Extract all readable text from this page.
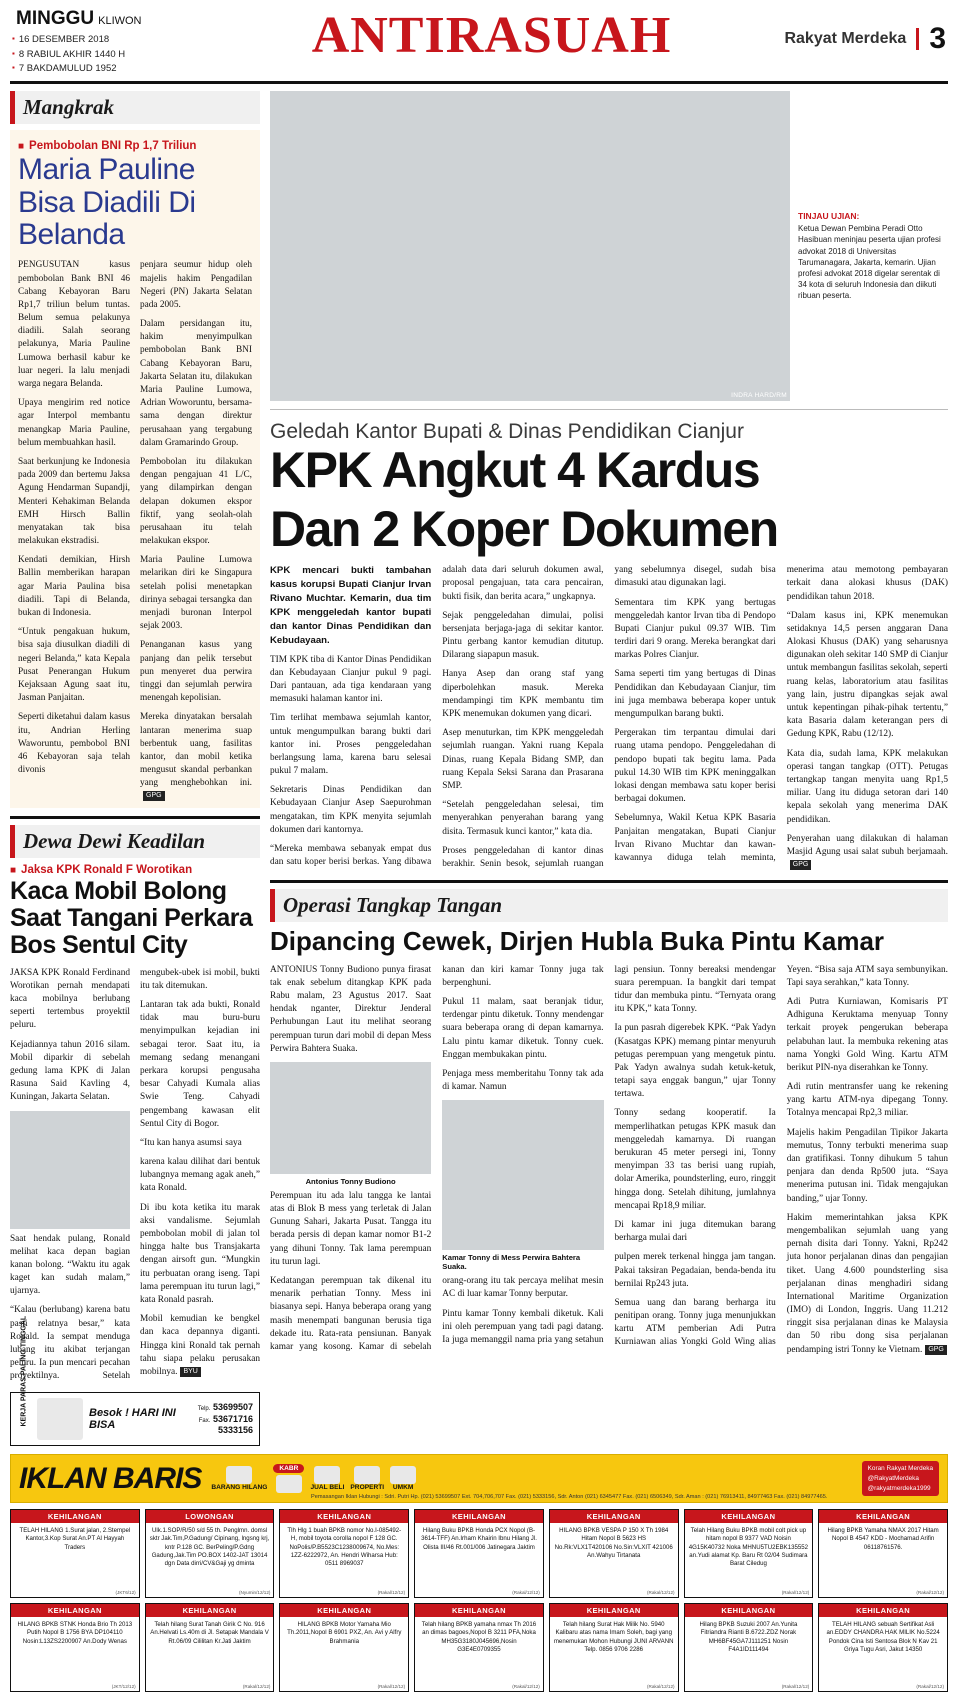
MINGGU KLIWON
▪ 16 DESEMBER 2018
▪ 8 RABIUL AKHIR 1440 H
▪ 7 BAKDAMULUD 1952
ANTIRASUAH	Rakyat Merdeka 3
Mangkrak
■ Pembobolan BNI Rp 1,7 Triliun
Maria Pauline Bisa Diadili Di Belanda

PENGUSUTAN kasus pembobolan Bank BNI 46 Cabang Kebayoran Baru Rp1,7 triliun belum tuntas. Belum semua pelakunya diadili. Salah seorang pelakunya, Maria Pauline Lumowa berhasil kabur ke luar negeri. Ia lalu menjadi warga negara Belanda.

Upaya mengirim red notice agar Interpol membantu menangkap Maria Pauline, belum membuahkan hasil.

Saat berkunjung ke Indonesia pada 2009 dan bertemu Jaksa Agung Hendarman Supandji, Menteri Kehakiman Belanda EMH Hirsch Ballin menyatakan tak bisa melakukan ekstradisi.

Kendati demikian, Hirsh Ballin memberikan harapan agar Maria Paulina bisa diadili. Tapi di Belanda, bukan di Indonesia.

“Untuk pengakuan hukum, bisa saja diusulkan diadili di negeri Belanda,” kata Kepala Pusat Penerangan Hukum Kejaksaan Agung saat itu, Jasman Panjaitan.

Seperti diketahui dalam kasus itu, Andrian Herling Waworuntu, pembobol BNI 46 Kebayoran saja telah divonis

penjara seumur hidup oleh majelis hakim Pengadilan Negeri (PN) Jakarta Selatan pada 2005.

Dalam persidangan itu, hakim menyimpulkan pembobolan Bank BNI Cabang Kebayoran Baru, Jakarta Selatan itu, dilakukan Maria Pauline Lumowa, Adrian Woworuntu, bersama-sama dengan direktur perusahaan yang tergabung dalam Gramarindo Group.

Pembobolan itu dilakukan dengan pengajuan 41 L/C, yang dilampirkan dengan delapan dokumen ekspor fiktif, yang seolah-olah perusahaan itu telah melakukan ekspor.

Maria Pauline Lumowa melarikan diri ke Singapura setelah polisi menetapkan dirinya sebagai tersangka dan menjadi buronan Interpol sejak 2003.

Penanganan kasus yang panjang dan pelik tersebut pun menyeret dua perwira tinggi dan sejumlah perwira menengah kepolisian.

Mereka dinyatakan bersalah lantaran menerima suap berbentuk uang, fasilitas kantor, dan mobil ketika mengusut skandal perbankan yang menghebohkan ini.GPG

Dewa Dewi Keadilan
■ Jaksa KPK Ronald F Worotikan
Kaca Mobil Bolong Saat Tangani Perkara Bos Sentul City

JAKSA KPK Ronald Ferdinand Worotikan pernah mendapati kaca mobilnya berlubang seperti tertembus proyektil peluru.

Kejadiannya tahun 2016 silam. Mobil diparkir di sebelah gedung lama KPK di Jalan Rasuna Said Kavling 4, Kuningan, Jakarta Selatan.

Saat hendak pulang, Ronald melihat kaca depan bagian kanan bolong. “Waktu itu agak kaget kan sudah malam,” ujarnya.

“Kalau (berlubang) karena batu pasti relatnya besar,” kata Ronald. Ia sempat menduga lubang itu akibat terjangan peluru. Ia pun mencari pecahan proyektilnya. Setelah mengubek-ubek isi mobil, bukti itu tak ditemukan.

Lantaran tak ada bukti, Ronald tidak mau buru-buru menyimpulkan kejadian ini sebagai teror. Saat itu, ia memang sedang menangani perkara korupsi pengusaha besar Cahyadi Kumala alias Swie Teng. Cahyadi pengembang kawasan elit Sentul City di Bogor.

“Itu kan hanya asumsi saya

karena kalau dilihat dari bentuk lubangnya memang agak aneh,” kata Ronald.

Di ibu kota ketika itu marak aksi vandalisme. Sejumlah pembobolan mobil di jalan tol hingga halte bus Transjakarta dengan airsoft gun. “Mungkin itu perbuatan orang iseng. Tapi lama perempuan itu turun lagi,” kata Ronald pasrah.

Mobil kemudian ke bengkel dan kaca depannya diganti. Hingga kini Ronald tak pernah tahu siapa pelaku perusakan mobilnya. BYU

KERJA PARAS PALING TINGGAL	Besok ! HARI INI BISA
Telp. 53699507
Fax. 53671716
5333156
INDRA HARD/RM
TINJAU UJIAN:
Ketua Dewan Pembina Peradi Otto Hasibuan meninjau peserta ujian profesi advokat 2018 di Universitas Tarumanagara, Jakarta, kemarin. Ujian profesi advokat 2018 digelar serentak di 34 kota di seluruh Indonesia dan diikuti ribuan peserta.
Geledah Kantor Bupati & Dinas Pendidikan Cianjur
KPK Angkut 4 Kardus
Dan 2 Koper Dokumen

KPK mencari bukti tambahan kasus korupsi Bupati Cianjur Irvan Rivano Muchtar. Kemarin, dua tim KPK menggeledah kantor bupati dan kantor Dinas Pendidikan dan Kebudayaan.

TIM KPK tiba di Kantor Dinas Pendidikan dan Kebudayaan Cianjur pukul 9 pagi. Dari pantauan, ada tiga kendaraan yang memasuki halaman kantor ini.

Tim terlihat membawa sejumlah kantor, untuk mengumpulkan barang bukti dari kantor ini. Proses penggeledahan berlangsung lama, karena baru selesai pukul 7 malam.

Sekretaris Dinas Pendidikan dan Kebudayaan Cianjur Asep Saepurohman mengatakan, tim KPK menyita sejumlah dokumen dari kantornya.

“Mereka membawa sebanyak empat dus dan satu koper berisi berkas. Yang dibawa adalah data dari seluruh dokumen awal, proposal pengajuan, tata cara pencairan, bukti fisik, dan berita acara,” ungkapnya.

Sejak penggeledahan dimulai, polisi bersenjata berjaga-jaga di sekitar kantor. Pintu gerbang kantor kemudian ditutup. Dilarang siapapun masuk.

Hanya Asep dan orang staf yang diperbolehkan masuk. Mereka mendampingi tim KPK membantu tim KPK menemukan dokumen yang dicari.

Asep menuturkan, tim KPK menggeledah sejumlah ruangan. Yakni ruang Kepala Dinas, ruang Kepala Bidang SMP, dan ruang Kepala Seksi Sarana dan Prasarana SMP.

“Setelah penggeledahan selesai, tim menyerahkan penyerahan barang yang disita. Termasuk kunci kantor,” kata dia.

Proses penggeledahan di kantor dinas berakhir. Senin besok, sejumlah ruangan yang sebelumnya disegel, sudah bisa dimasuki atau digunakan lagi.

Sementara tim KPK yang bertugas menggeledah kantor Irvan tiba di Pendopo Bupati Cianjur pukul 09.37 WIB. Tim terdiri dari 9 orang. Mereka berangkat dari markas Polres Cianjur.

Sama seperti tim yang bertugas di Dinas Pendidikan dan Kebudayaan Cianjur, tim ini juga membawa beberapa koper untuk mengumpulkan barang bukti.

Pergerakan tim terpantau dimulai dari ruang utama pendopo. Penggeledahan di pendopo bupati tak begitu lama. Pada pukul 14.30 WIB tim KPK meninggalkan lokasi dengan membawa satu koper berisi berbagai dokumen.

Sebelumnya, Wakil Ketua KPK Basaria Panjaitan mengatakan, Bupati Cianjur Irvan Rivano Muchtar dan kawan-kawannya diduga telah meminta, menerima atau memotong pembayaran terkait dana alokasi khusus (DAK) pendidikan tahun 2018.

“Dalam kasus ini, KPK menemukan setidaknya 14,5 persen anggaran Dana Alokasi Khusus (DAK) yang seharusnya digunakan oleh sekitar 140 SMP di Cianjur untuk membangun fasilitas sekolah, seperti ruang kelas, laboratorium atau fasilitas yang lain, justru dipangkas sejak awal untuk kepentingan pihak-pihak tertentu,” kata Basaria dalam keterangan pers di Gedung KPK, Rabu (12/12).

Kata dia, sudah lama, KPK melakukan operasi tangan tangkap (OTT). Petugas tertangkap tangan menyita uang Rp1,5 miliar. Uang itu diduga setoran dari 140 kepala sekolah yang menerima DAK pendidikan.

Penyerahan uang dilakukan di halaman Masjid Agung usai salat subuh berjamaah.GPG

Operasi Tangkap Tangan
Dipancing Cewek, Dirjen Hubla Buka Pintu Kamar

ANTONIUS Tonny Budiono punya firasat tak enak sebelum ditangkap KPK pada Rabu malam, 23 Agustus 2017. Saat hendak nganter, Direktur Jenderal Perhubungan Laut itu melihat seorang perempuan turun dari mobil di depan Mess Perwira Bahtera Suaka.

Antonius Tonny Budiono

Perempuan itu ada lalu tangga ke lantai atas di Blok B mess yang terletak di Jalan Gunung Sahari, Jakarta Pusat. Tangga itu berada persis di depan kamar nomor B1-2 yang dihuni Tonny. Tak lama perempuan itu turun lagi.

Kedatangan perempuan tak dikenal itu menarik perhatian Tonny. Mess ini biasanya sepi. Hanya beberapa orang yang masih menempati bangunan berusia tiga dekade itu. Rata-rata pensiunan. Banyak kamar yang kosong. Kamar di sebelah kanan dan kiri kamar Tonny juga tak berpenghuni.

Pukul 11 malam, saat beranjak tidur, terdengar pintu diketuk. Tonny mendengar suara beberapa orang di depan kamarnya. Lalu pintu kamar diketuk. Tonny cuek. Enggan membukakan pintu.

Penjaga mess memberitahu Tonny tak ada di kamar. Namun

Kamar Tonny di Mess Perwira Bahtera Suaka.

orang-orang itu tak percaya melihat mesin AC di luar kamar Tonny berputar.

Pintu kamar Tonny kembali diketuk. Kali ini oleh perempuan yang tadi pagi datang. Ia juga memanggil nama pria yang setahun lagi pensiun. Tonny bereaksi mendengar suara perempuan. Ia bangkit dari tempat tidur dan membuka pintu. “Ternyata orang itu KPK,” kata Tonny.

Ia pun pasrah digerebek KPK. “Pak Yadyn (Kasatgas KPK) memang pintar menyuruh petugas perempuan yang mengetuk pintu. Pak Yadyn awalnya sudah ketuk-ketuk, tetapi saya enggak bangun,” ujar Tonny tertawa.

Tonny sedang kooperatif. Ia memperlihatkan petugas KPK masuk dan menggeledah kamarnya. Di ruangan berukuran 45 meter persegi ini, Tonny menyimpan 33 tas berisi uang rupiah, dolar Amerika, poundsterling, euro, ringgit hingga dong. Setelah dihitung, jumlahnya mencapai Rp18,9 miliar.

Di kamar ini juga ditemukan barang berharga mulai dari

pulpen merek terkenal hingga jam tangan. Pakai taksiran Pegadaian, benda-benda itu bernilai Rp243 juta.

Semua uang dan barang berharga itu penitipan orang. Tonny juga menunjukkan kartu ATM pemberian Adi Putra Kurniawan alias Yongki Gold Wing alias Yeyen. “Bisa saja ATM saya sembunyikan. Tapi saya serahkan,” kata Tonny.

Adi Putra Kurniawan, Komisaris PT Adhiguna Keruktama menyuap Tonny terkait proyek pengerukan beberapa pelabuhan laut. Ia membuka rekening atas nama Yongki Gold Wing. Kartu ATM berikut PIN-nya diserahkan ke Tonny.

Adi rutin mentransfer uang ke rekening yang kartu ATM-nya dipegang Tonny. Totalnya mencapai Rp2,3 miliar.

Majelis hakim Pengadilan Tipikor Jakarta memutus, Tonny terbukti menerima suap dan gratifikasi. Tonny dihukum 5 tahun penjara dan denda Rp500 juta. “Saya menerima putusan ini. Tidak mengajukan banding,” ujar Tonny.

Hakim memerintahkan jaksa KPK mengembalikan sejumlah uang yang pernah disita dari Tonny. Yakni, Rp242 juta honor perjalanan dinas dan pengajian tiket. Uang 4.600 poundsterling sisa perjalanan dinas menghadiri sidang International Maritime Organization (IMO) di London, Inggris. Uang 11.212 ringgit sisa perjalanan dinas ke Malaysia dan 50 ribu dong sisa perjalanan pendamping istri Tonny ke Vietnam. GPG

IKLAN BARIS BARANG HILANG
KABR
JUAL BELI PROPERTI UMKM
Koran Rakyat Merdeka
@RakyatMerdeka
@rakyatmerdeka1999
Pemasangan Iklan Hubungi : Sdri. Putri Hp. (021) 53699507 Ext. 704,706,707 Fax. (021) 5333156, Sdr. Anton (021) 6345477 Fax. (021) 6506349, Sdr. Aman : (021) 76913411, 84977463 Fax. (021) 84977465.
KEHILANGAN
TELAH HILANG 1.Surat jalan, 2.Stempel Kantor,3.Kop Surat An.PT Al Hayyah Traders
(JKT6/12)
LOWONGAN
Ulk.1.SOP/R/50 s/d 55 th. Penglmn. domsl sktr Jak.Tim,P.Gadung/ Cipinang, lngsng krj, kntr P.128 GC. BerPeling/P.Gdng Gadung,Jak.Tim PO.BOX 1402-JAT 13014 dgn Data dirri/CV&Gaji yg dminta
(Nyumin/12/12)
KEHILANGAN
Tlh Hlg 1 buah BPKB nomor No.I-085492-H, mobil toyota corolla nopol F 128 GC. NoPolis/P.B5523C1238009674, No.Mes: 1ZZ-6222972, An. Hendri Wiharsa Hub: 0511 8969037
(Rakal/12/12)
KEHILANGAN
Hilang Buku BPKB Honda PCX Nopol (B-3614-TFF) An.Irham Khairin Ibnu Hilang Jl. Olista III/46 Rt.001/006 Jatinegara Jaktim
(Rakal/12/12)
KEHILANGAN
HILANG BPKB VESPA P 150 X Th 1984 Hitam Nopol B 5623 HS No.Rk:VLX1T420106 No.Sin:VLXIT 421006 An.Wahyu Tirtanata
(Rakal/12/12)
KEHILANGAN
Telah Hilang Buku BPKB mobil colt pick up hitam nopol B 9377 VAD Noisin 4G15K40732 Noka MHNU5TU2EBK135552 an.Yudi alamat Kp. Baru Rt 02/04 Sudimara Barat Ciledug
(Rakal/12/12)
KEHILANGAN
Hilang BPKB Yamaha NMAX 2017 Hitam Nopol B 4547 KDD - Mochamad Arifin 06118761576.
(Rakal/12/12)
KEHILANGAN
HILANG BPKB STNK Honda Brio Th 2013 Putih Nopol B 1756 BYA DP104110 Nosin:L13ZS2200907 An.Dody Wenas
(JKT/12/12)
KEHILANGAN
Telah hilang Surat Tanah Girik C No. 916 An.Helvati Ls.40m di Jl. Setapak Mandala V Rt.06/09 Cililitan Kr.Jati Jaktim
(Rakal/12/12)
KEHILANGAN
HILANG BPKB Motor Yamaha Mio Th.2011,Nopol B 6901 PXZ, An. Avi y Alfry Brahmania
(Rakal/12/12)
KEHILANGAN
Telah hilang BPKB yamaha nmax Th 2016 an dimas bagoes,Nopol B 3211 PFA,Noka MH35G3180J045696,Nosin G3E4E0709355
(Rakal/12/12)
KEHILANGAN
Telah hilang Surat Hak Milik No. 5940 Kalibaru atas nama Imam Soleh, bagi yang menemukan Mohon Hubungi JUNI ARVANN Telp. 0856 9706 2286
(Rakal/12/12)
KEHILANGAN
Hilang BPKB Suzuki 2007 An.Yunita Fitriandra Rianti B.6722.ZDZ Norak MH6BF45GA7J111251 Nosin F4A1ID111494
(Rakal/12/12)
KEHILANGAN
TELAH HILANG sebuah Sertifikat Asli an.EDDY CHANDRA HAK MILIK No.5224 Pondok Cina Isti Sentosa Blok N Kav 21 Griya Tugu Asri, Jakut 14350
(Rakal/12/12)
